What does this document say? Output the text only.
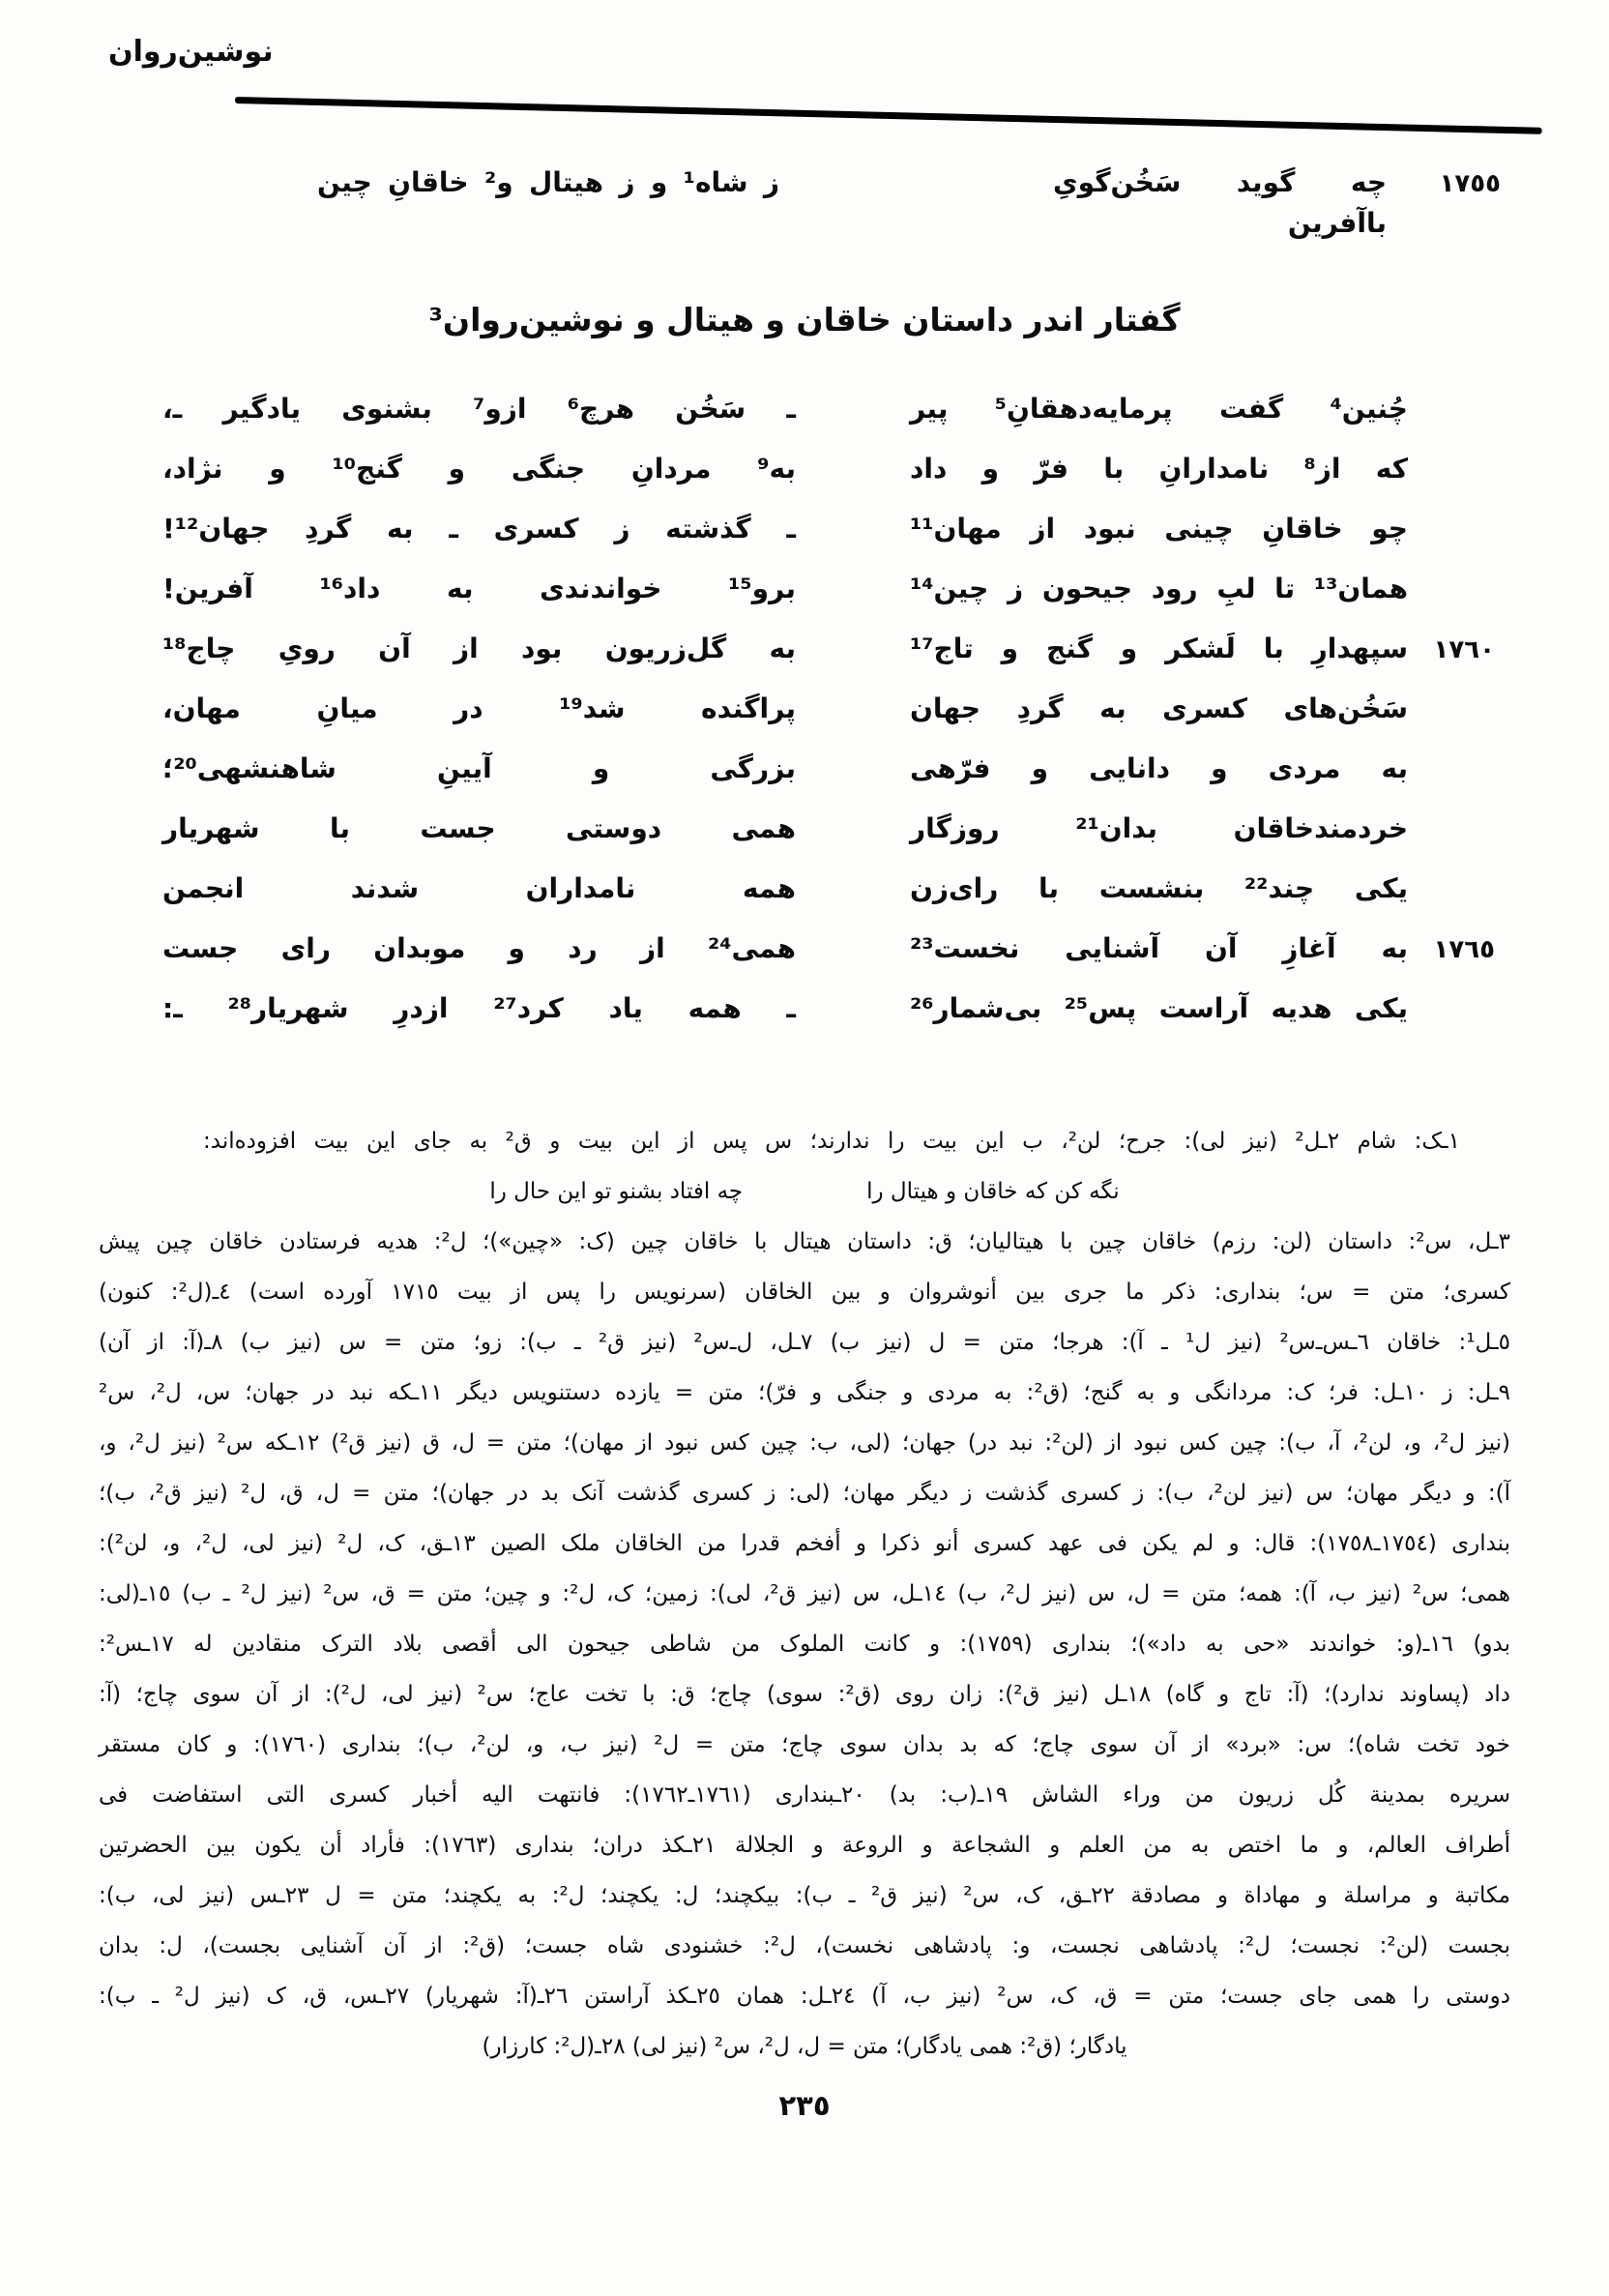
نوشین‌روان
١٧٥٥
چه گوید سَخُن‌گویِ باآفرین
ز شاه¹ و ز هیتال و² خاقانِ چین
گفتار اندر داستان خاقان و هیتال و نوشین‌روان³
چُنین⁴ گفت پرمایه‌دهقانِ⁵ پیر
ـ سَخُن هرچ⁶ ازو⁷ بشنوی یادگیر ـ،
که از⁸ نامدارانِ با فرّ و داد
به⁹ مردانِ جنگی و گنج¹⁰ و نژاد،
چو خاقانِ چینی نبود از مهان¹¹
ـ گذشته ز کسری ـ به گردِ جهان¹²!
همان¹³ تا لبِ رود جیحون ز چین¹⁴
برو¹⁵ خواندندی به داد¹⁶ آفرین!
١٧٦٠
سپهدارِ با لَشکر و گنج و تاج¹⁷
به گل‌زریون بود از آن رویِ چاج¹⁸
سَخُن‌های کسری به گردِ جهان
پراگنده شد¹⁹ در میانِ مهان،
به مردی و دانایی و فرّهی
بزرگی و آیینِ شاهنشهی²⁰؛
خردمندخاقان بدان²¹ روزگار
همی دوستی جست با شهریار
یکی چند²² بنشست با رای‌زن
همه نامداران شدند انجمن
١٧٦٥
به آغازِ آن آشنایی نخست²³
همی²⁴ از رد و موبدان رای جست
یکی هدیه آراست پس²⁵ بی‌شمار²⁶
ـ همه یاد کرد²⁷ ازدرِ شهریار²⁸ ـ:
١ـک: شام ٢ـل² (نیز لی): جرح؛ لن²، ب این بیت را ندارند؛ س پس از این بیت و ق² به جای این بیت افزوده‌اند:
نگه کن که خاقان و هیتال را
چه افتاد بشنو تو این حال را
٣ـل، س²: داستان (لن: رزم) خاقان چین با هیتالیان؛ ق: داستان هیتال با خاقان چین (ک: «چین»)؛ ل²: هدیه فرستادن خاقان چین پیش
کسری؛ متن = س؛ بنداری: ذکر ما جری بین أنوشروان و بین الخاقان (سرنویس را پس از بیت ١٧١٥ آورده است) ٤ـ(ل²: کنون)
٥ـل¹: خاقان ٦ـس‌ـ‌س² (نیز ل¹ ـ آ): هرجا؛ متن = ل (نیز ب) ٧ـل، ل‌ـ‌س² (نیز ق² ـ ب): زو؛ متن = س (نیز ب) ٨ـ(آ: از آن)
٩ـل: ز ١٠ـل: فر؛ ک: مردانگی و به گنج؛ (ق²: به مردی و جنگی و فرّ)؛ متن = یازده دستنویس دیگر ١١ـکه نبد در جهان؛ س، ل²، س²
(نیز ل²، و، لن²، آ، ب): چین کس نبود از (لن²: نبد در) جهان؛ (لی، ب: چین کس نبود از مهان)؛ متن = ل، ق (نیز ق²) ١٢ـکه س² (نیز ل²، و،
آ): و دیگر مهان؛ س (نیز لن²، ب): ز کسری گذشت ز دیگر مهان؛ (لی: ز کسری گذشت آنک بد در جهان)؛ متن = ل، ق، ل² (نیز ق²، ب)؛
بنداری (١٧٥٤ـ١٧٥٨): قال: و لم یکن فی عهد کسری أنو ذکرا و أفخم قدرا من الخاقان ملک الصین ١٣ـق، ک، ل² (نیز لی، ل²، و، لن²):
همی؛ س² (نیز ب، آ): همه؛ متن = ل، س (نیز ل²، ب) ١٤ـل، س (نیز ق²، لی): زمین؛ ک، ل²: و چین؛ متن = ق، س² (نیز ل² ـ ب) ١٥ـ(لی:
بدو) ١٦ـ(و: خواندند «حی به داد»)؛ بنداری (١٧٥٩): و کانت الملوک من شاطی جیحون الی أقصی بلاد الترک منقادین له ١٧ـس²:
داد (پساوند ندارد)؛ (آ: تاج و گاه) ١٨ـل (نیز ق²): زان روی (ق²: سوی) چاج؛ ق: با تخت عاج؛ س² (نیز لی، ل²): از آن سوی چاج؛ (آ:
خود تخت شاه)؛ س: «برد» از آن سوی چاج؛ که بد بدان سوی چاج؛ متن = ل² (نیز ب، و، لن²، ب)؛ بنداری (١٧٦٠): و کان مستقر
سریره بمدینة کُل زریون من وراء الشاش ١٩ـ(ب: بد) ٢٠ـبنداری (١٧٦١ـ١٧٦٢): فانتهت الیه أخبار کسری التی استفاضت فی
أطراف العالم، و ما اختص به من العلم و الشجاعة و الروعة و الجلالة ٢١ـکذ دران؛ بنداری (١٧٦٣): فأراد أن یکون بین الحضرتین
مکاتبة و مراسلة و مهاداة و مصادقة ٢٢ـق، ک، س² (نیز ق² ـ ب): بیکچند؛ ل: یکچند؛ ل²: به یکچند؛ متن = ل ٢٣ـس (نیز لی، ب):
بجست (لن²: نجست؛ ل²: پادشاهی نجست، و: پادشاهی نخست)، ل²: خشنودی شاه جست؛ (ق²: از آن آشنایی بجست)، ل: بدان
دوستی را همی جای جست؛ متن = ق، ک، س² (نیز ب، آ) ٢٤ـل: همان ٢٥ـکذ آراستن ٢٦ـ(آ: شهریار) ٢٧ـس، ق، ک (نیز ل² ـ ب):
یادگار؛ (ق²: همی یادگار)؛ متن = ل، ل²، س² (نیز لی) ٢٨ـ(ل²: کارزار)
٢٣٥
